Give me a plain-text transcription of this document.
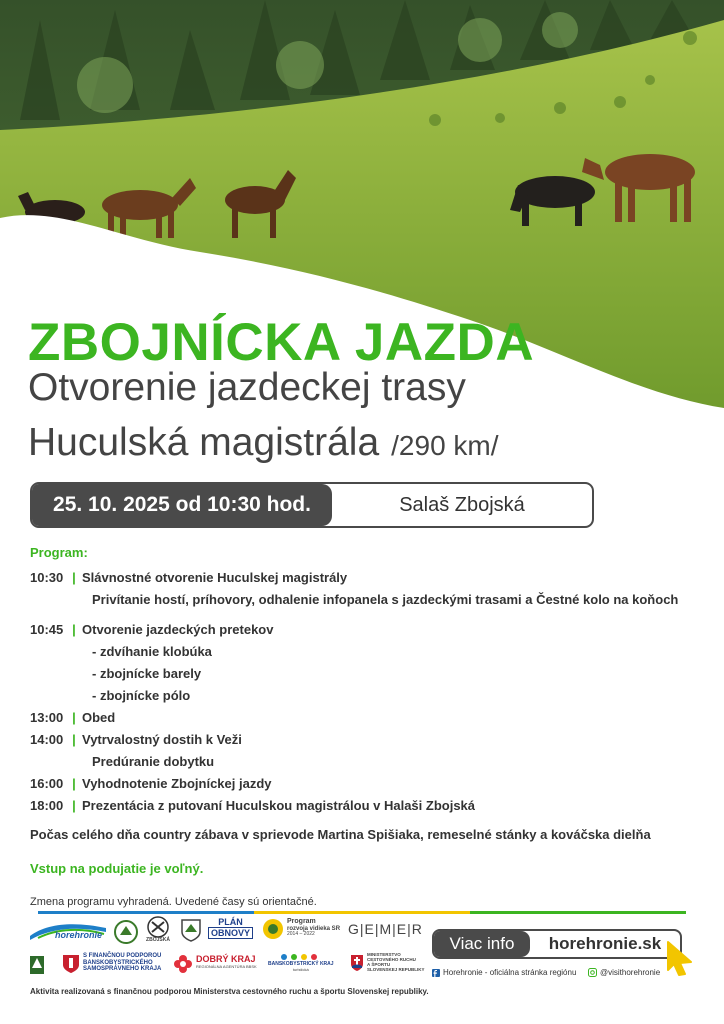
ZBOJNÍCKA JAZDA
Otvorenie jazdeckej trasy
Huculská magistrála /290 km/
25. 10. 2025 od 10:30 hod.	Salaš Zbojská
Program:
10:30 | Slávnostné otvorenie Huculskej magistrály
Privítanie hostí, príhovory, odhalenie infopanela s jazdeckými trasami a Čestné kolo na koňoch
10:45 | Otvorenie jazdeckých pretekov
- zdvíhanie klobúka
- zbojnícke barely
- zbojnícke pólo
13:00 | Obed
14:00 | Vytrvalostný dostih k Veži
Predúranie dobytku
16:00 | Vyhodnotenie Zbojníckej jazdy
18:00 | Prezentácia z putovaní Huculskou magistrálou v Halaši Zbojská
Počas celého dňa country zábava v sprievode Martina Spišiaka, remeselné stánky a kováčska dielňa
Vstup na podujatie je voľný.
Zmena programu vyhradená. Uvedené časy sú orientačné.
horehronie	ZBOJSKÁ
PLÁN
OBNOVY
Program
rozvoja vidieka SR
2014 – 2022 G|E|M|E|R
S FINANČNOU PODPOROU
BANSKOBYSTRICKÉHO
SAMOSPRÁVNEHO KRAJA
DOBRÝ KRAJ
REGIONÁLNA AGENTÚRA BBSK BANSKOBYSTRICKÝ KRAJ
turistická
MINISTERSTVO
CESTOVNÉHO RUCHU
A ŠPORTU
SLOVENSKEJ REPUBLIKY
Viac info	horehronie.sk
Horehronie - oficiálna stránka regiónu	@visithorehronie
Aktivita realizovaná s finančnou podporou Ministerstva cestovného ruchu a športu Slovenskej republiky.
